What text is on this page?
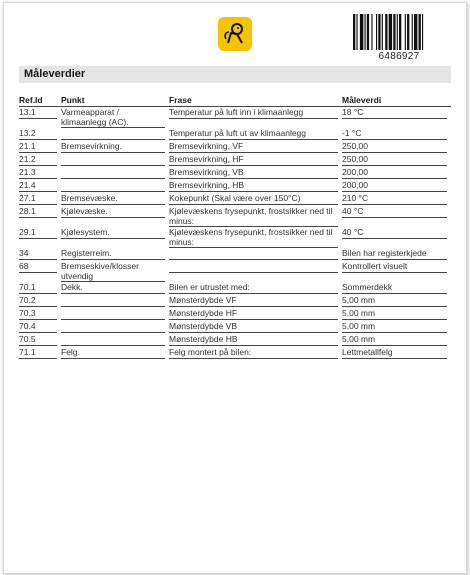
6486927
Måleverdier
Ref.Id	Punkt	Frase	Måleverdi

13.1	Varmeapparat / klimaanlegg (AC).	Temperatur på luft inn i klimaanlegg	18 °C

13.2		Temperatur på luft ut av klimaanlegg	-1 °C

21.1	Bremsevirkning.	Bremsevirkning, VF	250,00

21.2		Bremsevirkning, HF	250,00

21.3		Bremsevirkning, VB	200,00

21.4		Bremsevirkning, HB	200,00

27.1	Bremsevæske.	Kokepunkt (Skal være over 150°C)	210 °C

28.1	Kjølevæske.	Kjølevæskens frysepunkt, frostsikker ned til minus:	40 °C

29.1	Kjølesystem.	Kjølevæskens frysepunkt, frostsikker ned til minus:	40 °C

34	Registerreim.		Bilen har registerkjede

68	Bremseskive/klosser utvendig		Kontrollert visuelt

70.1	Dekk.	Bilen er utrustet med:	Sommerdekk

70.2		Mønsterdybde VF	5,00 mm

70.3		Mønsterdybde HF	5,00 mm

70.4		Mønsterdybde VB	5,00 mm

70.5		Mønsterdybde HB	5,00 mm

71.1	Felg.	Felg montert på bilen:	Lettmetallfelg
